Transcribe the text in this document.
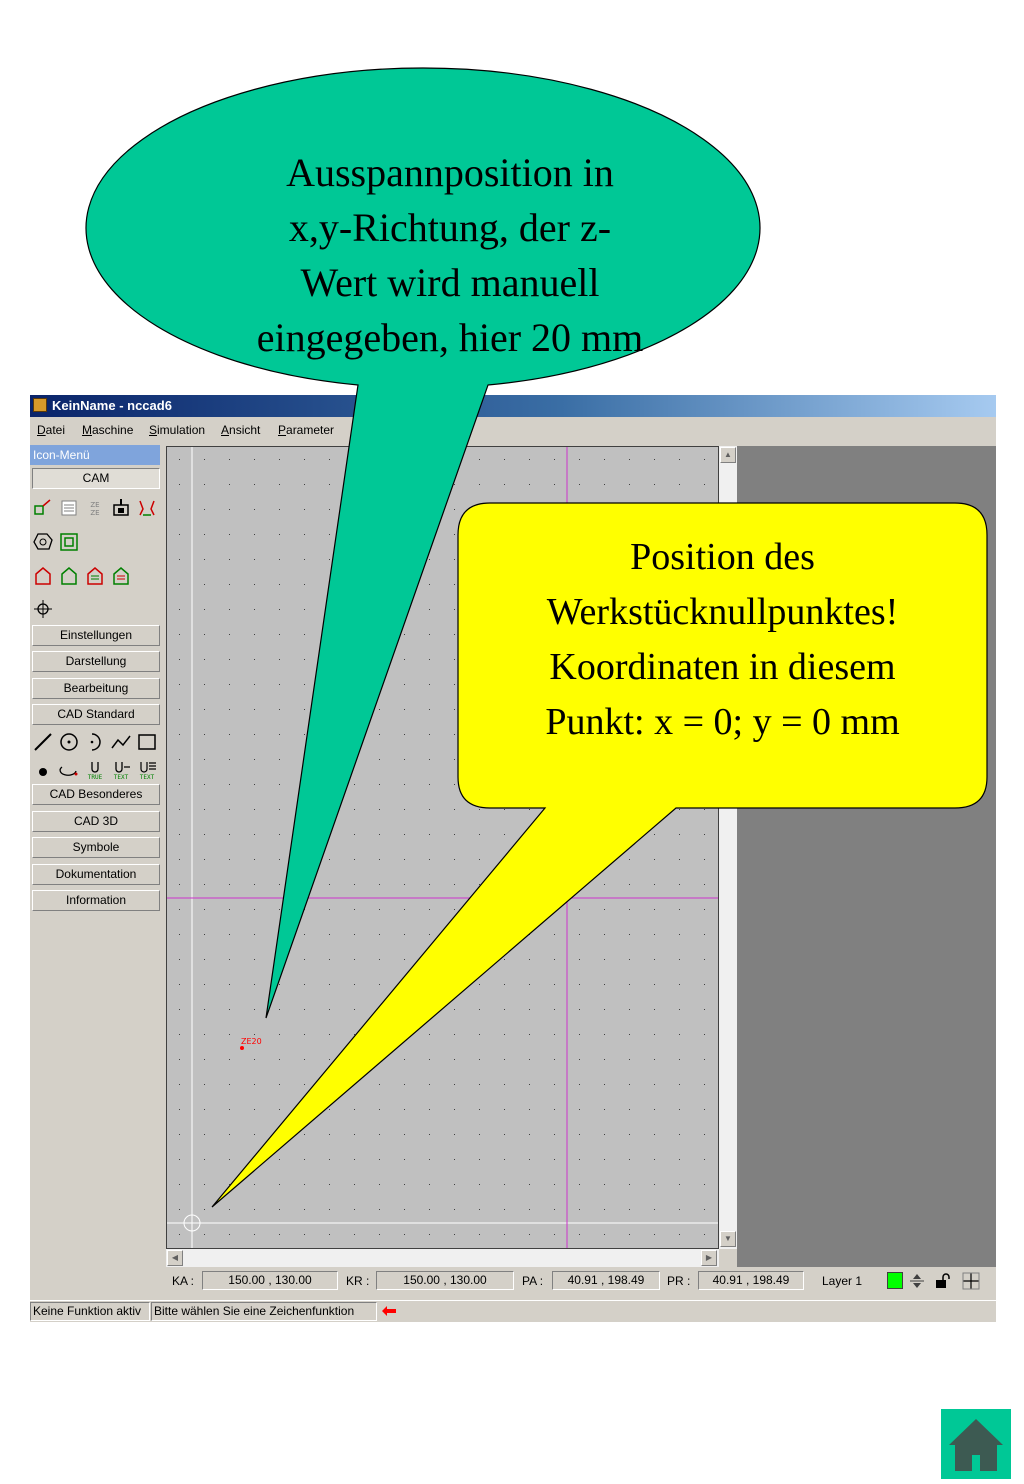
KeinName - nccad6
Datei Maschine Simulation Ansicht Parameter
Icon-Menü
CAM
ZE
ZE
Einstellungen
Darstellung
Bearbeitung
CAD Standard
TRUE TEXT TEXT
CAD Besonderes
CAD 3D
Symbole
Dokumentation
Information
ZE20
▲
▼
◀	▶
KA :	150.00 , 130.00	KR :	150.00 , 130.00	PA :	40.91 , 198.49	PR :	40.91 , 198.49	Layer 1
Keine Funktion aktiv	Bitte wählen Sie eine Zeichenfunktion
Ausspannposition in
x,y-Richtung, der z-
Wert wird manuell
eingegeben, hier 20 mm
Position des
Werkstücknullpunktes!
Koordinaten in diesem
Punkt: x = 0; y = 0 mm
